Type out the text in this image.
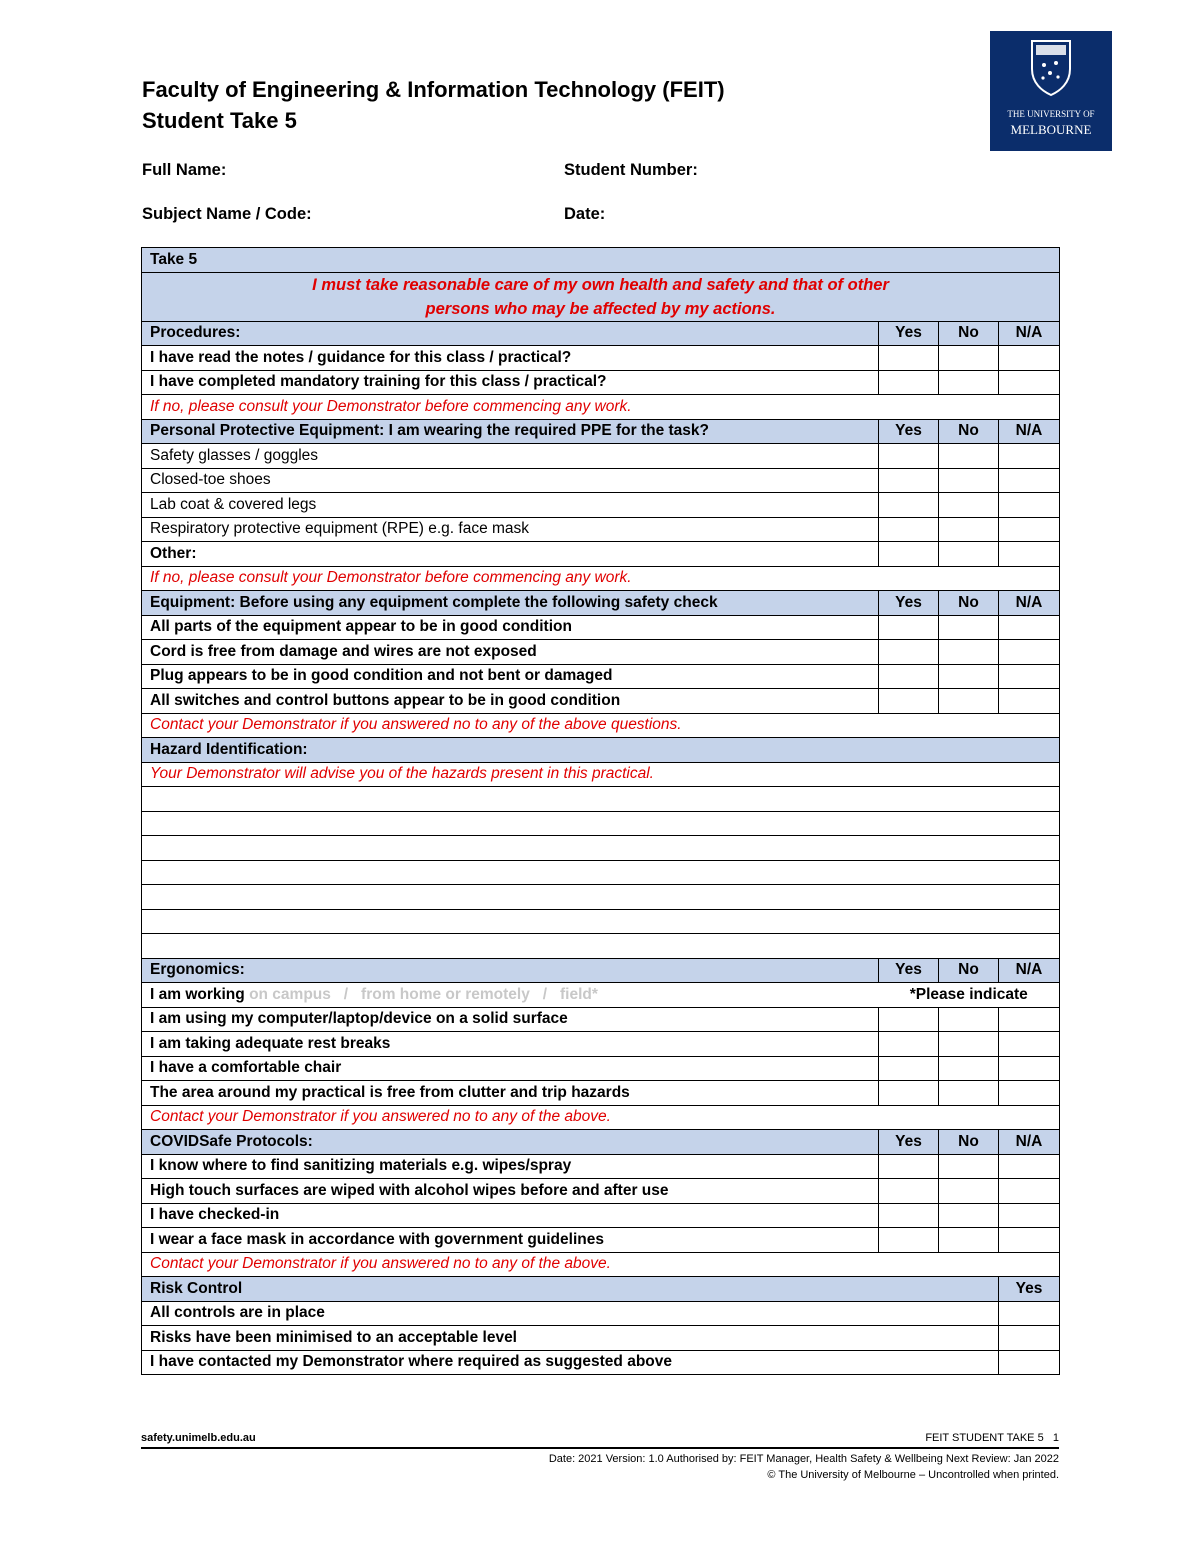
Faculty of Engineering & Information Technology (FEIT)
Student Take 5	THE UNIVERSITY OF
MELBOURNE
Full Name:	Student Number:
Subject Name / Code:	Date:
Take 5			
I must take reasonable care of my own health and safety and that of other
persons who may be affected by my actions.			
Procedures:	Yes	No	N/A
I have read the notes / guidance for this class / practical?			
I have completed mandatory training for this class / practical?			
If no, please consult your Demonstrator before commencing any work.			
Personal Protective Equipment: I am wearing the required PPE for the task?	Yes	No	N/A
Safety glasses / goggles			
Closed-toe shoes			
Lab coat & covered legs			
Respiratory protective equipment (RPE) e.g. face mask			
Other:			
If no, please consult your Demonstrator before commencing any work.			
Equipment: Before using any equipment complete the following safety check	Yes	No	N/A
All parts of the equipment appear to be in good condition			
Cord is free from damage and wires are not exposed			
Plug appears to be in good condition and not bent or damaged			
All switches and control buttons appear to be in good condition			
Contact your Demonstrator if you answered no to any of the above questions.			
Hazard Identification:			
Your Demonstrator will advise you of the hazards present in this practical.			

Ergonomics:	Yes	No	N/A
I am working on campus   /   from home or remotely   /   field*	*Please indicate		
I am using my computer/laptop/device on a solid surface			
I am taking adequate rest breaks			
I have a comfortable chair			
The area around my practical is free from clutter and trip hazards			
Contact your Demonstrator if you answered no to any of the above.			
COVIDSafe Protocols:	Yes	No	N/A
I know where to find sanitizing materials e.g. wipes/spray			
High touch surfaces are wiped with alcohol wipes before and after use			
I have checked-in			
I wear a face mask in accordance with government guidelines			
Contact your Demonstrator if you answered no to any of the above.			
Risk Control			Yes
All controls are in place			
Risks have been minimised to an acceptable level			
I have contacted my Demonstrator where required as suggested above			
safety.unimelb.edu.au	FEIT STUDENT TAKE 5 1
Date: 2021 Version: 1.0 Authorised by: FEIT Manager, Health Safety & Wellbeing Next Review: Jan 2022
© The University of Melbourne – Uncontrolled when printed.
